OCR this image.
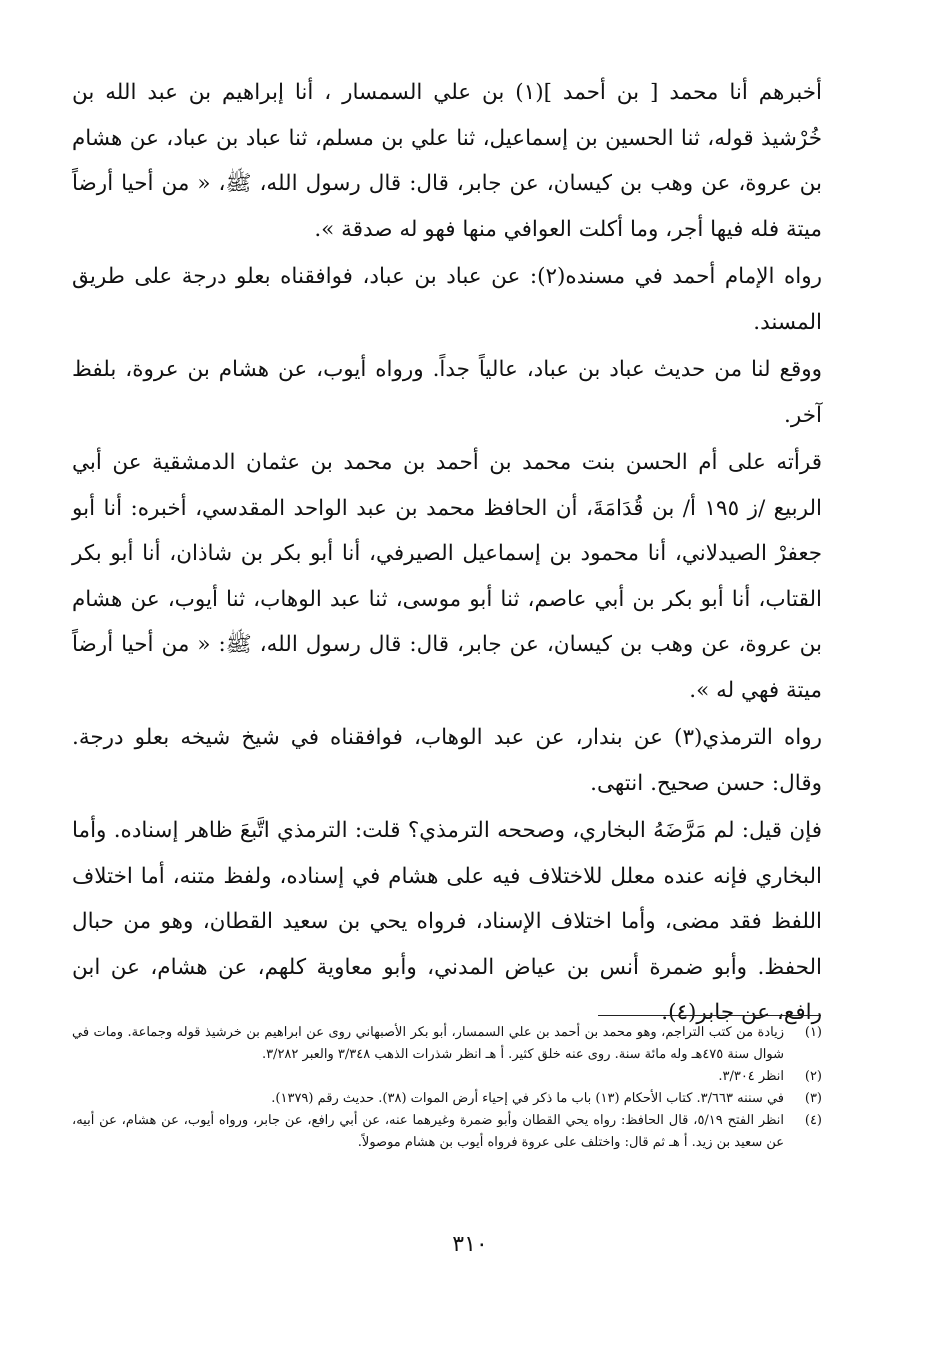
أخبرهم أنا محمد [ بن أحمد ](١) بن علي السمسار ، أنا إبراهيم بن عبد الله بن خُرْشيذ قوله، ثنا الحسين بن إسماعيل، ثنا علي بن مسلم، ثنا عباد بن عباد، عن هشام بن عروة، عن وهب بن كيسان، عن جابر، قال: قال رسول الله، ﷺ، « من أحيا أرضاً ميتة فله فيها أجر، وما أكلت العوافي منها فهو له صدقة ».

رواه الإمام أحمد في مسنده(٢): عن عباد بن عباد، فوافقناه بعلو درجة على طريق المسند.

ووقع لنا من حديث عباد بن عباد، عالياً جداً. ورواه أيوب، عن هشام بن عروة، بلفظ آخر.

قرأته على أم الحسن بنت محمد بن أحمد بن محمد بن عثمان الدمشقية عن أبي الربيع /ز ١٩٥ أ/ بن قُدَامَةَ، أن الحافظ محمد بن عبد الواحد المقدسي، أخبره: أنا أبو جعفرْ الصيدلاني، أنا محمود بن إسماعيل الصيرفي، أنا أبو بكر بن شاذان، أنا أبو بكر القتاب، أنا أبو بكر بن أبي عاصم، ثنا أبو موسى، ثنا عبد الوهاب، ثنا أيوب، عن هشام بن عروة، عن وهب بن كيسان، عن جابر، قال: قال رسول الله، ﷺ: « من أحيا أرضاً ميتة فهي له ».

رواه الترمذي(٣) عن بندار، عن عبد الوهاب، فوافقناه في شيخ شيخه بعلو درجة. وقال: حسن صحيح. انتهى.

فإن قيل: لم مَرَّضَهُ البخاري، وصححه الترمذي؟ قلت: الترمذي اتَّبعَ ظاهر إسناده. وأما البخاري فإنه عنده معلل للاختلاف فيه على هشام في إسناده، ولفظ متنه، أما اختلاف اللفظ فقد مضى، وأما اختلاف الإسناد، فرواه يحي بن سعيد القطان، وهو من حبال الحفظ. وأبو ضمرة أنس بن عياض المدني، وأبو معاوية كلهم، عن هشام، عن ابن رافع، عن جابر(٤).

(١)
زيادة من كتب التراجم، وهو محمد بن أحمد بن علي السمسار، أبو بكر الأصبهاني روى عن ابراهيم بن خرشيذ قوله وجماعة. ومات في شوال سنة ٤٧٥هـ وله مائة سنة. روى عنه خلق كثير. أ هـ انظر شذرات الذهب ٣/٣٤٨ والعبر ٣/٢٨٢.
(٢)
انظر ٣/٣٠٤.
(٣)
في سننه ٣/٦٦٣. كتاب الأحكام (١٣) باب ما ذكر في إحياء أرض الموات (٣٨). حديث رقم (١٣٧٩).
(٤)
انظر الفتح ٥/١٩، قال الحافظ: رواه يحي القطان وأبو ضمرة وغيرهما عنه، عن أبي رافع، عن جابر، ورواه أيوب، عن هشام، عن أبيه، عن سعيد بن زيد. أ هـ ثم قال: واختلف على عروة فرواه أيوب بن هشام موصولاً.
٣١٠
